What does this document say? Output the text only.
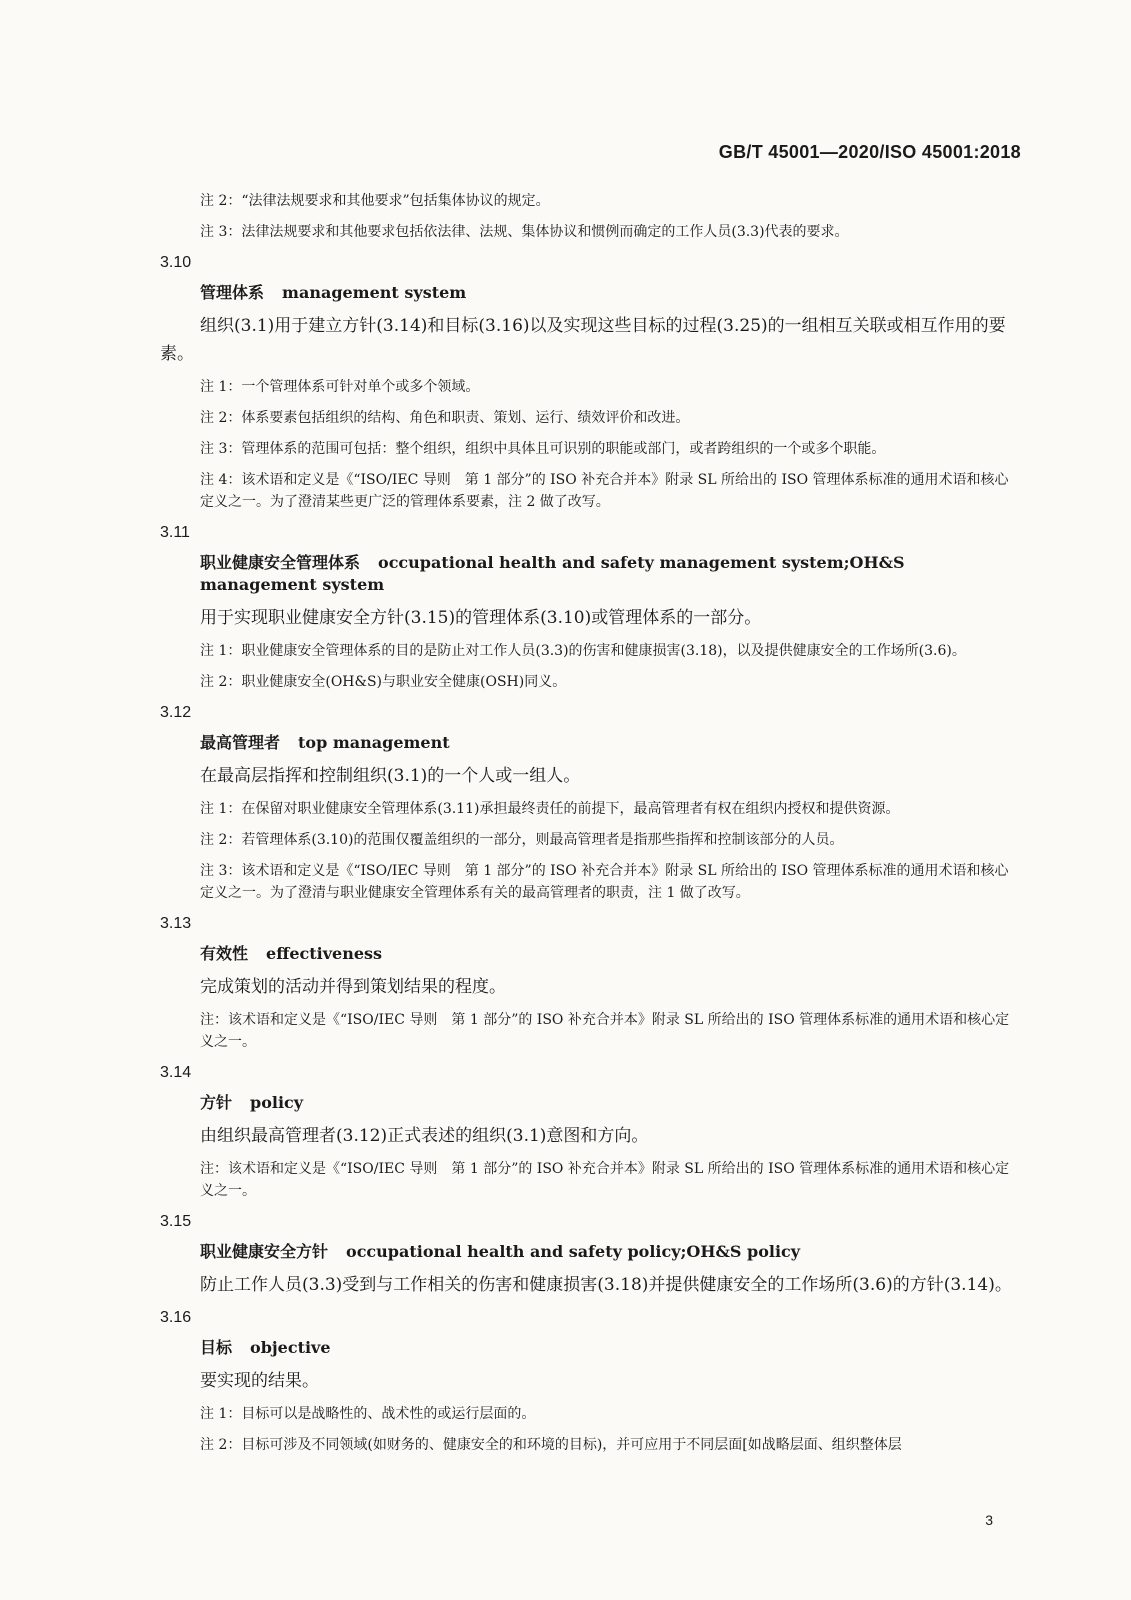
GB/T 45001—2020/ISO 45001:2018

注 2：“法律法规要求和其他要求”包括集体协议的规定。

注 3：法律法规要求和其他要求包括依法律、法规、集体协议和惯例而确定的工作人员(3.3)代表的要求。

3.10
管理体系 management system

组织(3.1)用于建立方针(3.14)和目标(3.16)以及实现这些目标的过程(3.25)的一组相互关联或相互作用的要素。

注 1：一个管理体系可针对单个或多个领域。

注 2：体系要素包括组织的结构、角色和职责、策划、运行、绩效评价和改进。

注 3：管理体系的范围可包括：整个组织，组织中具体且可识别的职能或部门，或者跨组织的一个或多个职能。

注 4：该术语和定义是《“ISO/IEC 导则　第 1 部分”的 ISO 补充合并本》附录 SL 所给出的 ISO 管理体系标准的通用术语和核心定义之一。为了澄清某些更广泛的管理体系要素，注 2 做了改写。

3.11
职业健康安全管理体系 occupational health and safety management system;OH&S management system

用于实现职业健康安全方针(3.15)的管理体系(3.10)或管理体系的一部分。

注 1：职业健康安全管理体系的目的是防止对工作人员(3.3)的伤害和健康损害(3.18)，以及提供健康安全的工作场所(3.6)。

注 2：职业健康安全(OH&S)与职业安全健康(OSH)同义。

3.12
最高管理者 top management

在最高层指挥和控制组织(3.1)的一个人或一组人。

注 1：在保留对职业健康安全管理体系(3.11)承担最终责任的前提下，最高管理者有权在组织内授权和提供资源。

注 2：若管理体系(3.10)的范围仅覆盖组织的一部分，则最高管理者是指那些指挥和控制该部分的人员。

注 3：该术语和定义是《“ISO/IEC 导则　第 1 部分”的 ISO 补充合并本》附录 SL 所给出的 ISO 管理体系标准的通用术语和核心定义之一。为了澄清与职业健康安全管理体系有关的最高管理者的职责，注 1 做了改写。

3.13
有效性 effectiveness

完成策划的活动并得到策划结果的程度。

注：该术语和定义是《“ISO/IEC 导则　第 1 部分”的 ISO 补充合并本》附录 SL 所给出的 ISO 管理体系标准的通用术语和核心定义之一。

3.14
方针 policy

由组织最高管理者(3.12)正式表述的组织(3.1)意图和方向。

注：该术语和定义是《“ISO/IEC 导则　第 1 部分”的 ISO 补充合并本》附录 SL 所给出的 ISO 管理体系标准的通用术语和核心定义之一。

3.15
职业健康安全方针 occupational health and safety policy;OH&S policy

防止工作人员(3.3)受到与工作相关的伤害和健康损害(3.18)并提供健康安全的工作场所(3.6)的方针(3.14)。

3.16
目标 objective

要实现的结果。

注 1：目标可以是战略性的、战术性的或运行层面的。

注 2：目标可涉及不同领域(如财务的、健康安全的和环境的目标)，并可应用于不同层面[如战略层面、组织整体层

3
